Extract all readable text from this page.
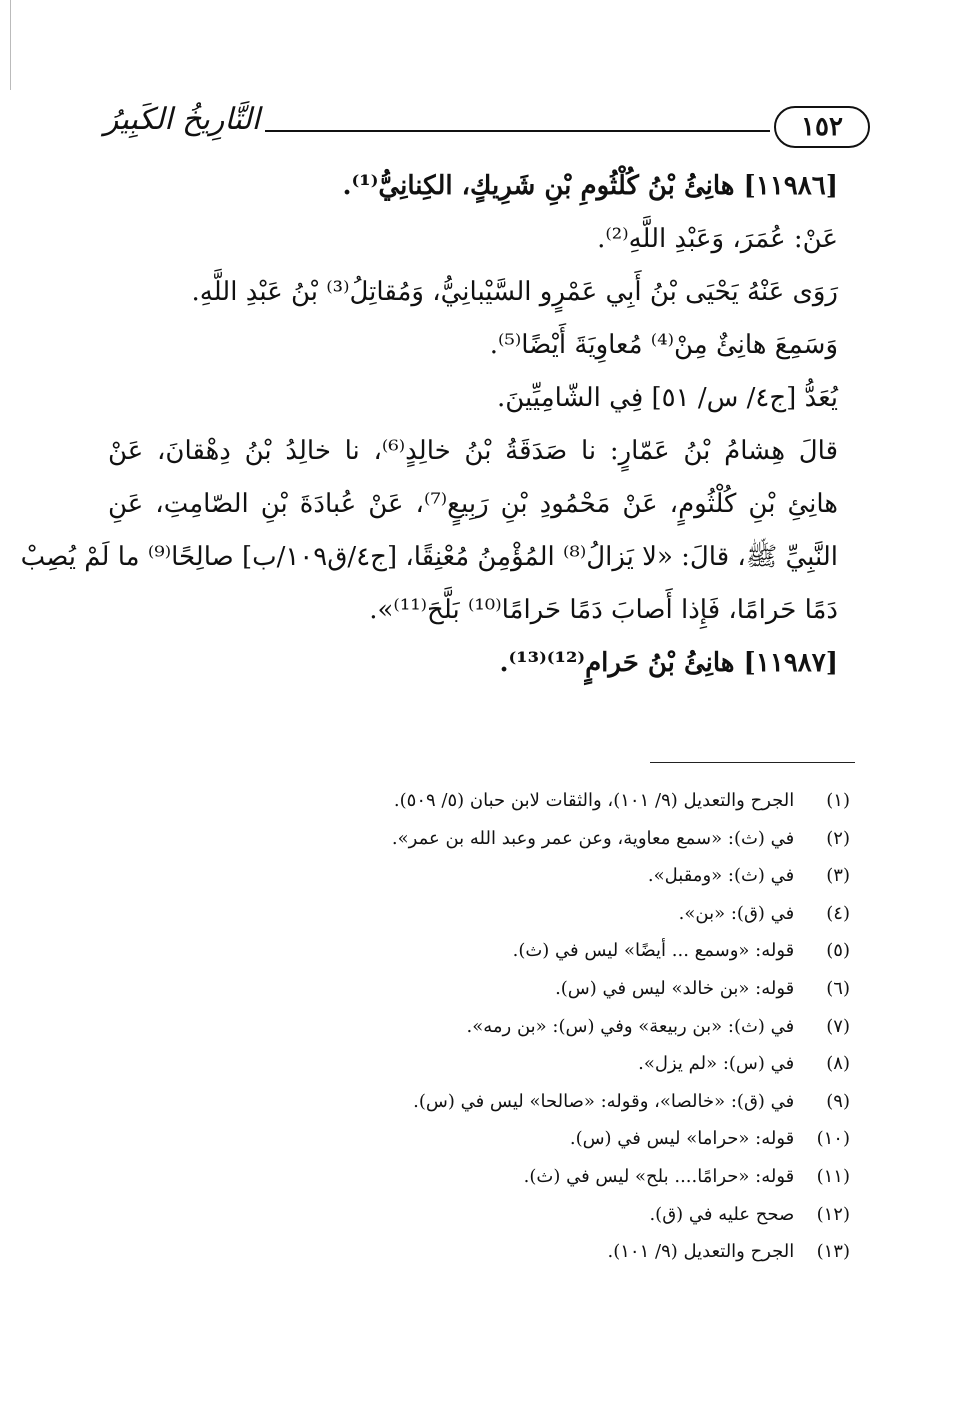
التَّارِيخُ الكَبِيرُ	١٥٢
[١١٩٨٦] هانِئُ بْنُ كُلْثُومِ بْنِ شَرِيكٍ، الكِنانِيُّ⁽¹⁾.
عَنْ: عُمَرَ، وَعَبْدِ اللَّهِ⁽²⁾.
رَوَى عَنْهُ يَحْيَى بْنُ أَبِي عَمْرٍو السَّيْبانِيُّ، وَمُقاتِلُ⁽³⁾ بْنُ عَبْدِ اللَّهِ.
وَسَمِعَ هانِئٌ مِنْ⁽⁴⁾ مُعاوِيَةَ أَيْضًا⁽⁵⁾.
يُعَدُّ [ج٤/ س/ ٥١] فِي الشّامِيِّينَ.
قالَ هِشامُ بْنُ عَمّارٍ: نا صَدَقَةُ بْنُ خالِدٍ⁽⁶⁾، نا خالِدُ بْنُ دِهْقانَ، عَنْ
هانِئِ بْنِ كُلْثُومٍ، عَنْ مَحْمُودِ بْنِ رَبِيعٍ⁽⁷⁾، عَنْ عُبادَةَ بْنِ الصّامِتِ، عَنِ
النَّبِيِّ ﷺ، قالَ: «لا يَزالُ⁽⁸⁾ المُؤْمِنُ مُعْنِقًا، [ج٤/ق١٠٩/ب] صالِحًا⁽⁹⁾ ما لَمْ يُصِبْ
دَمًا حَرامًا، فَإِذا أَصابَ دَمًا حَرامًا⁽¹⁰⁾ بَلَّحَ⁽¹¹⁾».
[١١٩٨٧] هانِئُ بْنُ حَرامٍ⁽¹²⁾⁽¹³⁾.
(١) الجرح والتعديل (٩/ ١٠١)، والثقات لابن حبان (٥/ ٥٠٩).
(٢) في (ث): «سمع معاوية، وعن عمر وعبد الله بن عمر».
(٣) في (ث): «ومقبل».
(٤) في (ق): «بن».
(٥) قوله: «وسمع ... أيضًا» ليس في (ث).
(٦) قوله: «بن خالد» ليس في (س).
(٧) في (ث): «بن ربيعة» وفي (س): «بن رمه».
(٨) في (س): «لم يزل».
(٩) في (ق): «خالصا»، وقوله: «صالحا» ليس في (س).
(١٠) قوله: «حراما» ليس في (س).
(١١) قوله: «حرامًا.... بلح» ليس في (ث).
(١٢) صحح عليه في (ق).
(١٣) الجرح والتعديل (٩/ ١٠١).
